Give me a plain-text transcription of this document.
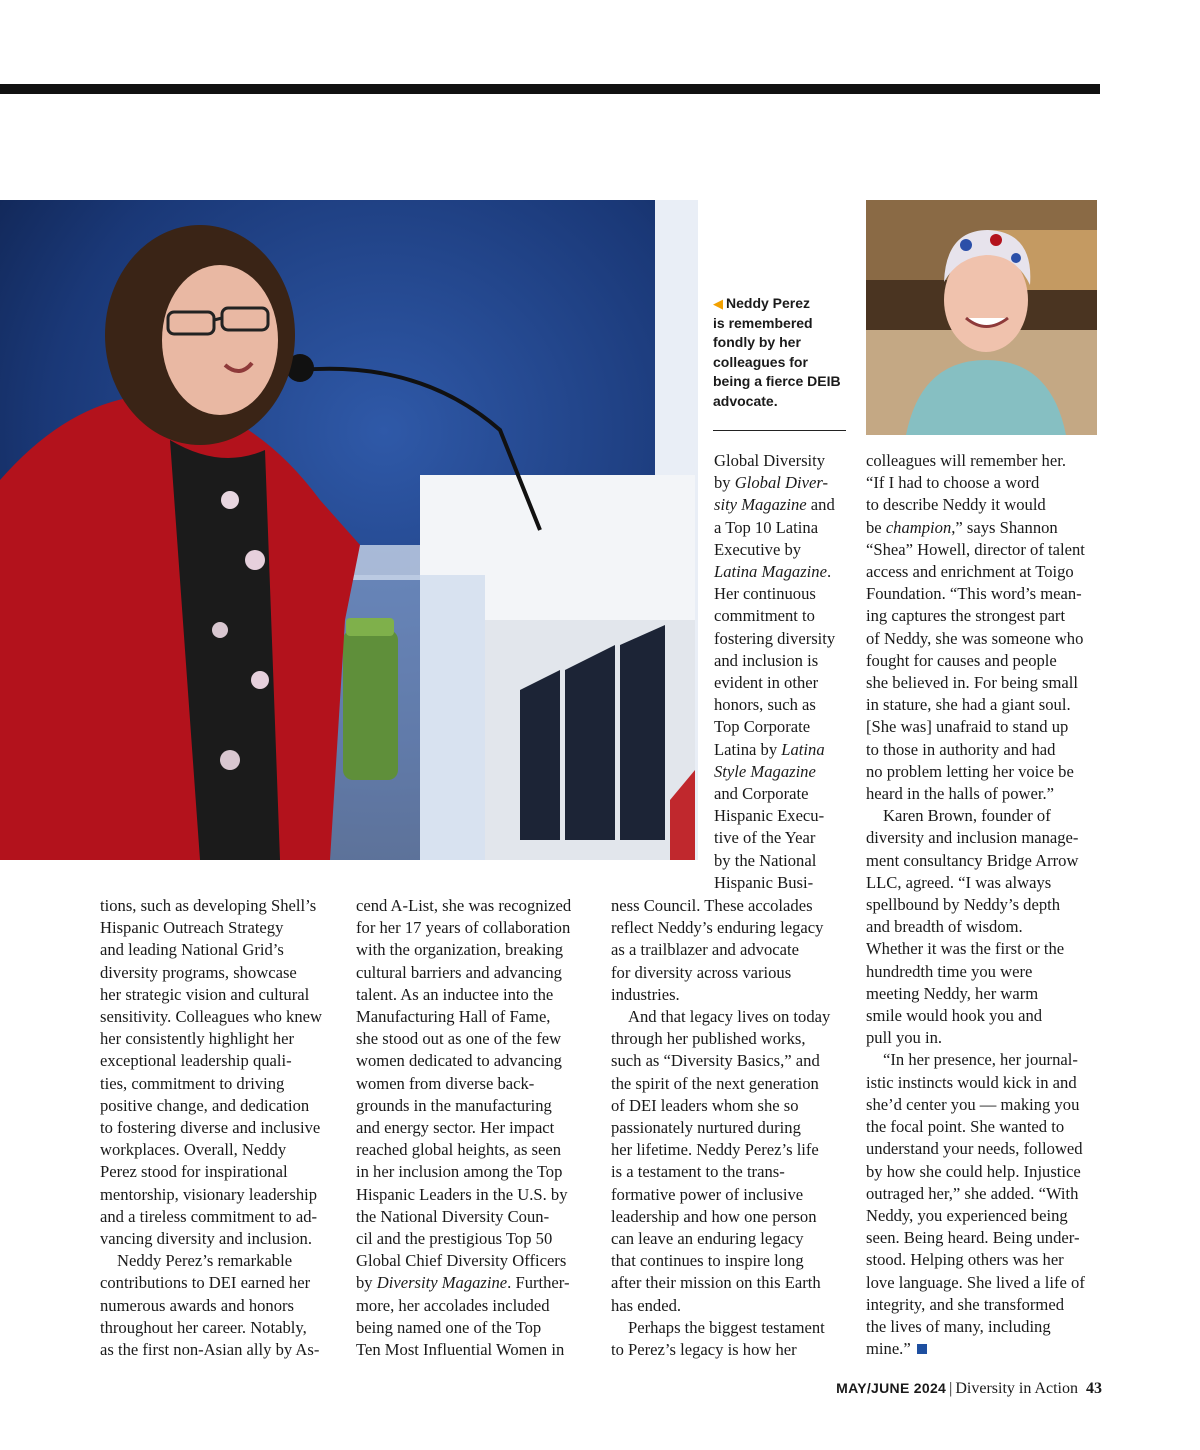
◀ Neddy Perez
is remembered
fondly by her
colleagues for
being a fierce DEIB
advocate.

tions, such as developing Shell’s
Hispanic Outreach Strategy
and leading National Grid’s
diversity programs, showcase
her strategic vision and cultural
sensitivity. Colleagues who knew
her consistently highlight her
exceptional leadership quali-
ties, commitment to driving
positive change, and dedication
to fostering diverse and inclusive
workplaces. Overall, Neddy
Perez stood for inspirational
mentorship, visionary leadership
and a tireless commitment to ad-
vancing diversity and inclusion.

Neddy Perez’s remarkable
contributions to DEI earned her
numerous awards and honors
throughout her career. Notably,
as the first non-Asian ally by As-

cend A-List, she was recognized
for her 17 years of collaboration
with the organization, breaking
cultural barriers and advancing
talent. As an inductee into the
Manufacturing Hall of Fame,
she stood out as one of the few
women dedicated to advancing
women from diverse back-
grounds in the manufacturing
and energy sector. Her impact
reached global heights, as seen
in her inclusion among the Top
Hispanic Leaders in the U.S. by
the National Diversity Coun-
cil and the prestigious Top 50
Global Chief Diversity Officers
by Diversity Magazine. Further-
more, her accolades included
being named one of the Top
Ten Most Influential Women in

Global Diversity
by Global Diver-
sity Magazine and
a Top 10 Latina
Executive by
Latina Magazine.
Her continuous
commitment to
fostering diversity
and inclusion is
evident in other
honors, such as
Top Corporate
Latina by Latina
Style Magazine
and Corporate
Hispanic Execu-
tive of the Year
by the National
Hispanic Busi-

ness Council. These accolades
reflect Neddy’s enduring legacy
as a trailblazer and advocate
for diversity across various
industries.

And that legacy lives on today
through her published works,
such as “Diversity Basics,” and
the spirit of the next generation
of DEI leaders whom she so
passionately nurtured during
her lifetime. Neddy Perez’s life
is a testament to the trans-
formative power of inclusive
leadership and how one person
can leave an enduring legacy
that continues to inspire long
after their mission on this Earth
has ended.

Perhaps the biggest testament
to Perez’s legacy is how her

colleagues will remember her.
“If I had to choose a word
to describe Neddy it would
be champion,” says Shannon
“Shea” Howell, director of talent
access and enrichment at Toigo
Foundation. “This word’s mean-
ing captures the strongest part
of Neddy, she was someone who
fought for causes and people
she believed in. For being small
in stature, she had a giant soul.
[She was] unafraid to stand up
to those in authority and had
no problem letting her voice be
heard in the halls of power.”

Karen Brown, founder of
diversity and inclusion manage-
ment consultancy Bridge Arrow
LLC, agreed. “I was always
spellbound by Neddy’s depth
and breadth of wisdom.
Whether it was the first or the
hundredth time you were
meeting Neddy, her warm
smile would hook you and
pull you in.

“In her presence, her journal-
istic instincts would kick in and
she’d center you — making you
the focal point. She wanted to
understand your needs, followed
by how she could help. Injustice
outraged her,” she added. “With
Neddy, you experienced being
seen. Being heard. Being under-
stood. Helping others was her
love language. She lived a life of
integrity, and she transformed
the lives of many, including
mine.”

MAY/JUNE 2024 | Diversity in Action 43
